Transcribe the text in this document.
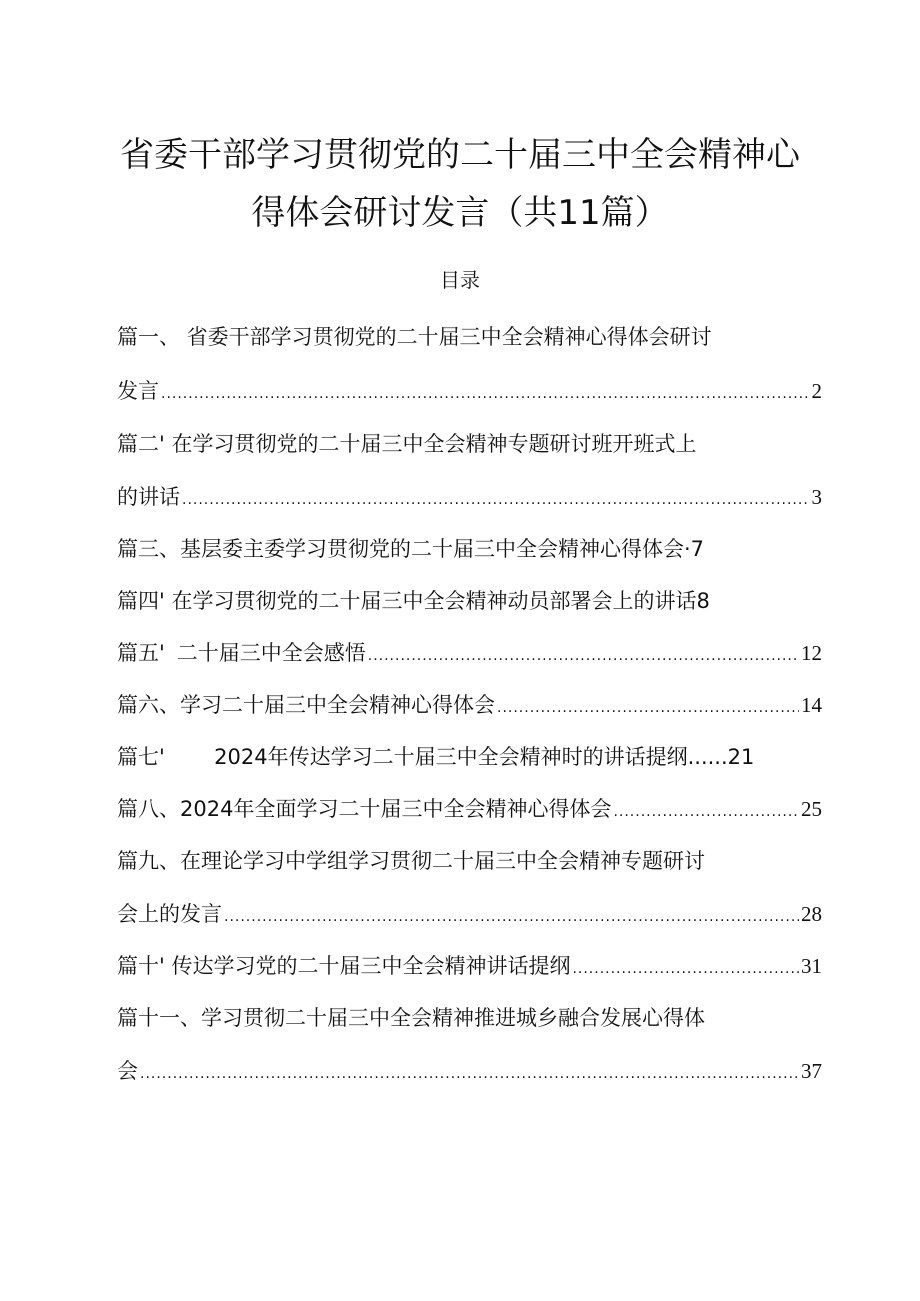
省委干部学习贯彻党的二十届三中全会精神心
得体会研讨发言（共11篇）
目录
篇一、 省委干部学习贯彻党的二十届三中全会精神心得体会研讨
发言 .....	2
篇二' 在学习贯彻党的二十届三中全会精神专题研讨班开班式上
的讲话 .....	3
篇三、基层委主委学习贯彻党的二十届三中全会精神心得体会·7
篇四' 在学习贯彻党的二十届三中全会精神动员部署会上的讲话8
篇五' 二十届三中全会感悟 .....	12
篇六、学习二十届三中全会精神心得体会 .....	14
篇七' 2024年传达学习二十届三中全会精神时的讲话提纲......21
篇八、2024年全面学习二十届三中全会精神心得体会 .....	25
篇九、在理论学习中学组学习贯彻二十届三中全会精神专题研讨
会上的发言 .....	28
篇十' 传达学习党的二十届三中全会精神讲话提纲 .....	31
篇十一、学习贯彻二十届三中全会精神推进城乡融合发展心得体
会 .....	37
